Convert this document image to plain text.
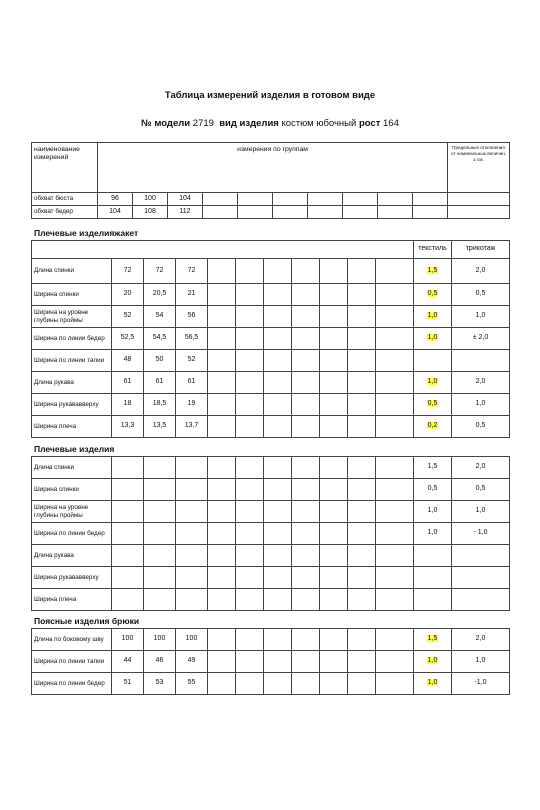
Таблица измерений изделия в готовом виде
№ модели 2719 вид изделия костюм юбочный рост 164
наименование измерений	измерения по группам										Предельные отклонения от номинальных величин, ± см.

обхват бюста	96	100	104								
обхват бедер	104	108	112								
Плечевые изделияжакет
											текстиль	трикотаж
Длина спинки	72	72	72								1,5	2,0
Ширина спинки	20	20,5	21								0,5	0,5
Ширина на уровне глубины проймы	52	54	56								1,0	1,0
Ширина по линии бедер	52,5	54,5	56,5								1,0	± 2,0
Ширина по линии талии	48	50	52									
Длина рукава	61	61	61								1,0	2,0
Ширина рукававверху	18	18,5	19								0,5	1,0
Ширина плеча	13,3	13,5	13,7								0,2	0,5
Плечевые изделия
Длина спинки											1,5	2,0
Ширина спинки											0,5	0,5
Ширина на уровне глубины проймы											1,0	1,0
Ширина по линии бедер											1,0	- 1,0
Длина рукава												
Ширина рукававверху												
Ширина плеча												
Поясные изделия брюки
Длина по боковому шву	100	100	100								1,5	2,0
Ширина по линии талии	44	46	49								1,0	1,0
Ширина по линии бедер	51	53	55								1,0	-1,0
